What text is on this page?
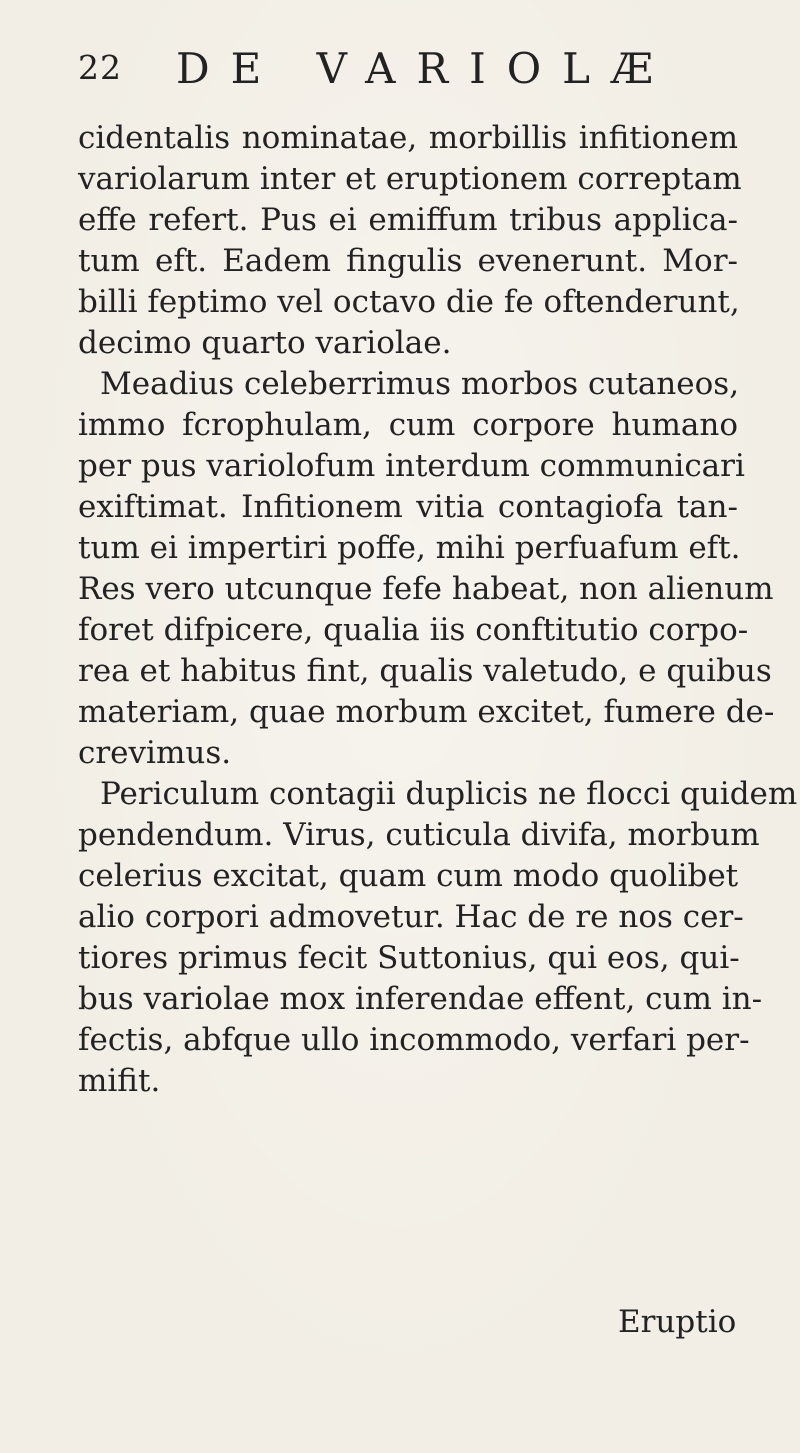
22 DE VARIOLÆ
cidentalis nominatae, morbillis infitionem
variolarum inter et eruptionem correptam
effe refert. Pus ei emiffum tribus applica-
tum eft. Eadem fingulis evenerunt. Mor-
billi feptimo vel octavo die fe oftenderunt,
decimo quarto variolae.
Meadius celeberrimus morbos cutaneos,
immo fcrophulam, cum corpore humano
per pus variolofum interdum communicari
exiftimat. Infitionem vitia contagiofa tan-
tum ei impertiri poffe, mihi perfuafum eft.
Res vero utcunque fefe habeat, non alienum
foret difpicere, qualia iis conftitutio corpo-
rea et habitus fint, qualis valetudo, e quibus
materiam, quae morbum excitet, fumere de-
crevimus.
Periculum contagii duplicis ne flocci quidem
pendendum. Virus, cuticula divifa, morbum
celerius excitat, quam cum modo quolibet
alio corpori admovetur. Hac de re nos cer-
tiores primus fecit Suttonius, qui eos, qui-
bus variolae mox inferendae effent, cum in-
fectis, abfque ullo incommodo, verfari per-
mifit.
Eruptio
